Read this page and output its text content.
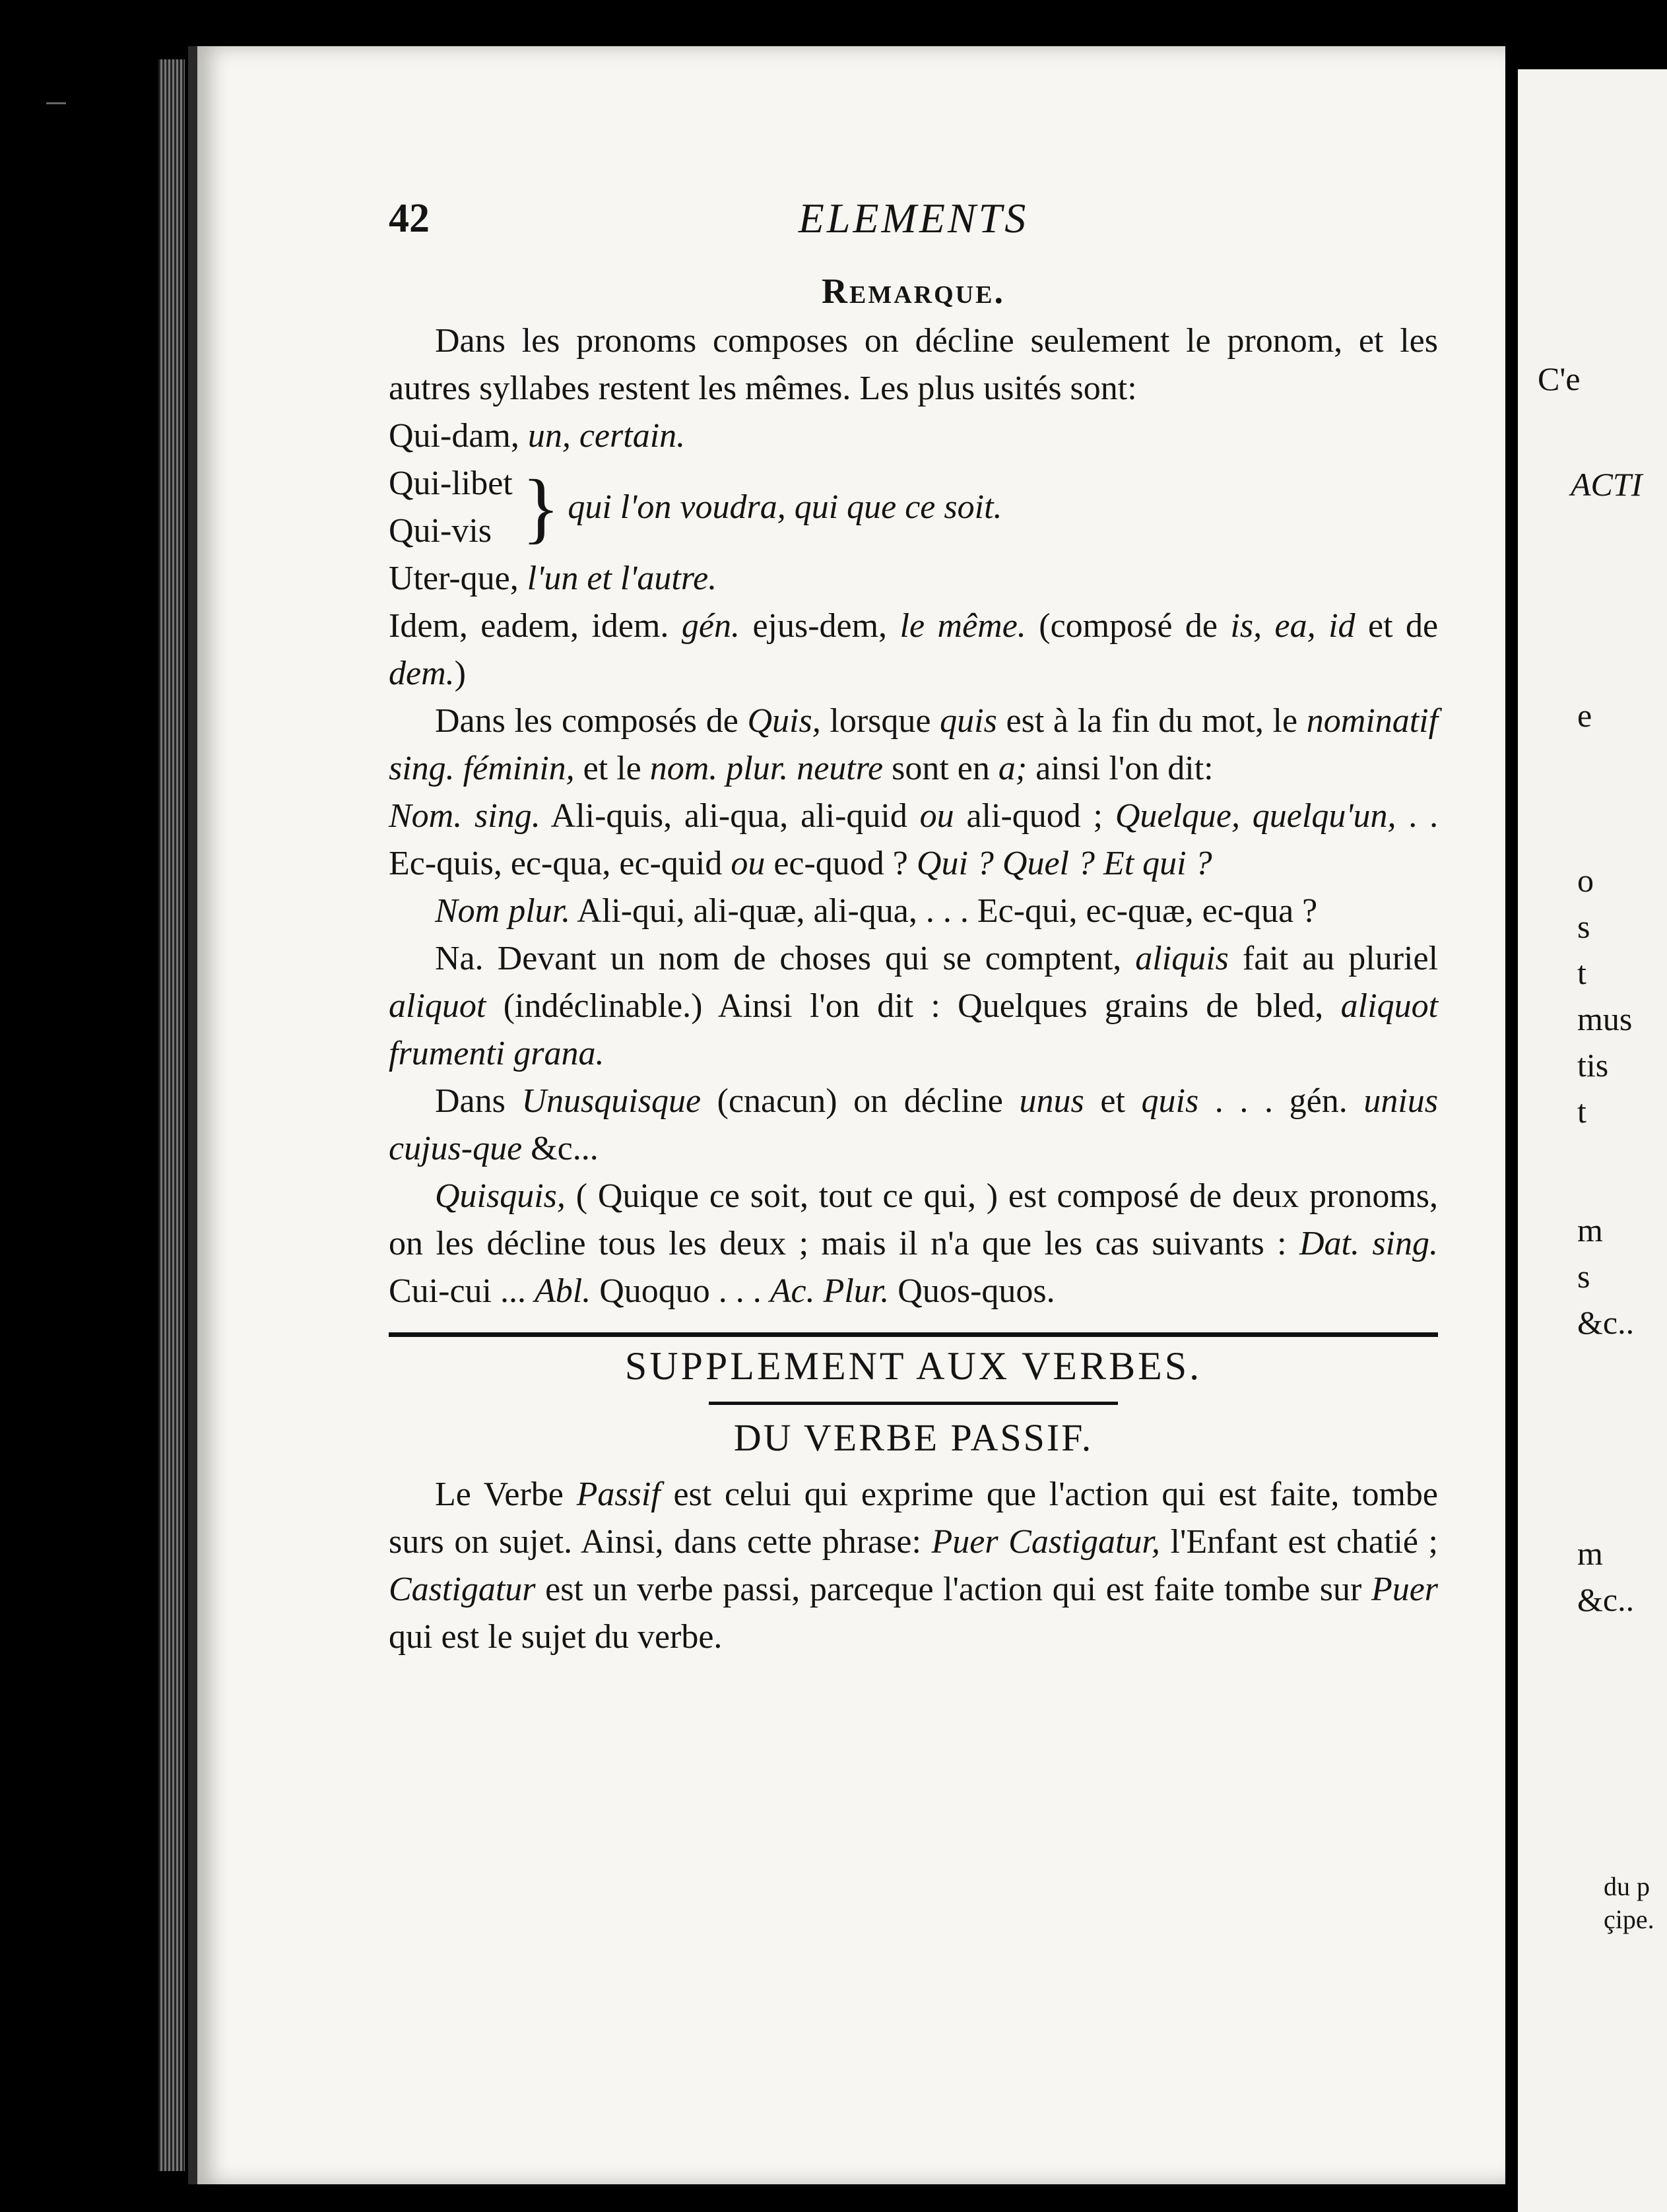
42	ELEMENTS
Remarque.

Dans les pronoms composes on décline seulement le pronom, et les autres syllabes restent les mêmes. Les plus usités sont:

Qui-dam, un, certain.

Qui-libet
Qui-vis } qui l'on voudra, qui que ce soit.

Uter-que, l'un et l'autre.

Idem, eadem, idem. gén. ejus-dem, le même. (composé de is, ea, id et de dem.)

Dans les composés de Quis, lorsque quis est à la fin du mot, le nominatif sing. féminin, et le nom. plur. neutre sont en a; ainsi l'on dit:

Nom. sing. Ali-quis, ali-qua, ali-quid ou ali-quod ; Quelque, quelqu'un, . . Ec-quis, ec-qua, ec-quid ou ec-quod ? Qui ? Quel ? Et qui ?

Nom plur. Ali-qui, ali-quæ, ali-qua, . . . Ec-qui, ec-quæ, ec-qua ?

Na. Devant un nom de choses qui se comptent, aliquis fait au pluriel aliquot (indéclinable.) Ainsi l'on dit : Quelques grains de bled, aliquot frumenti grana.

Dans Unusquisque (cnacun) on décline unus et quis . . . gén. unius cujus-que &c...

Quisquis, ( Quique ce soit, tout ce qui, ) est composé de deux pronoms, on les décline tous les deux ; mais il n'a que les cas suivants : Dat. sing. Cui-cui ... Abl. Quoquo . . . Ac. Plur. Quos-quos.

SUPPLEMENT AUX VERBES.
DU VERBE PASSIF.

Le Verbe Passif est celui qui exprime que l'action qui est faite, tombe surs on sujet. Ainsi, dans cette phrase: Puer Castigatur, l'Enfant est chatié ; Castigatur est un verbe passi, parceque l'action qui est faite tombe sur Puer qui est le sujet du verbe.

C'e
ACTI
e
o
s
t
mus
tis
t
m
s
&c..
m
&c..
du p
çipe.
